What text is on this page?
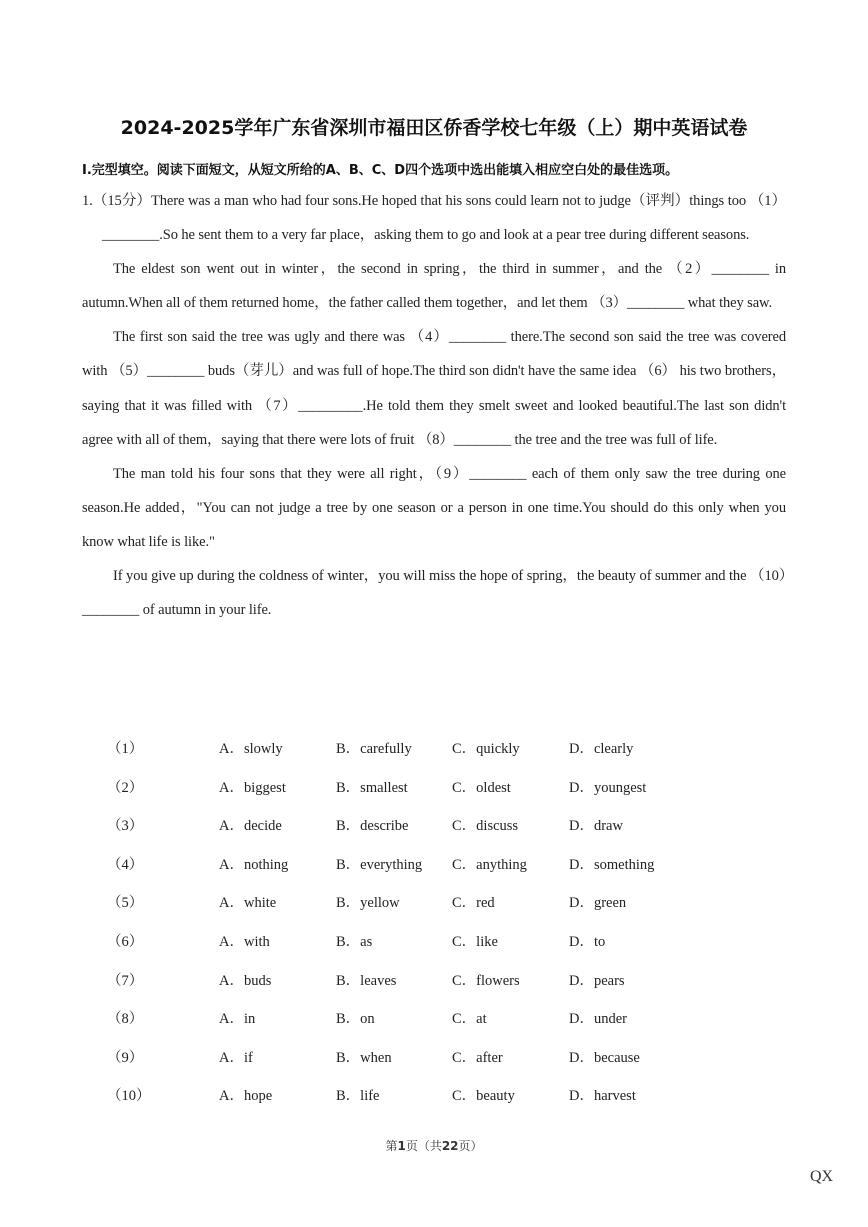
2024-2025学年广东省深圳市福田区侨香学校七年级（上）期中英语试卷
I.完型填空。阅读下面短文，从短文所给的A、B、C、D四个选项中选出能填入相应空白处的最佳选项。

1.（15分）There was a man who had four sons.He hoped that his sons could learn not to judge（评判）things too （1）________.So he sent them to a very far place，asking them to go and look at a pear tree during different seasons.

The eldest son went out in winter，the second in spring，the third in summer，and the （2）________ in autumn.When all of them returned home，the father called them together，and let them （3）________ what they saw.

The first son said the tree was ugly and there was （4）________ there.The second son said the tree was covered with （5）________ buds（芽儿）and was full of hope.The third son didn't have the same idea （6） his two brothers，saying that it was filled with （7）_________.He told them they smelt sweet and looked beautiful.The last son didn't agree with all of them，saying that there were lots of fruit （8）________ the tree and the tree was full of life.

The man told his four sons that they were all right，（9）________ each of them only saw the tree during one season.He added，"You can not judge a tree by one season or a person in one time.You should do this only when you know what life is like."

If you give up during the coldness of winter，you will miss the hope of spring，the beauty of summer and the （10）________ of autumn in your life.

（1）	A．slowly	B．carefully	C．quickly	D．clearly
（2）	A．biggest	B．smallest	C．oldest	D．youngest
（3）	A．decide	B．describe	C．discuss	D．draw
（4）	A．nothing	B．everything C．anything	D．something
（5）	A．white	B．yellow	C．red	D．green
（6）	A．with	B．as	C．like	D．to
（7）	A．buds	B．leaves	C．flowers	D．pears
（8）	A．in	B．on	C．at	D．under
（9）	A．if	B．when	C．after	D．because
（10）	A．hope	B．life	C．beauty	D．harvest
第1页（共22页）
QX
